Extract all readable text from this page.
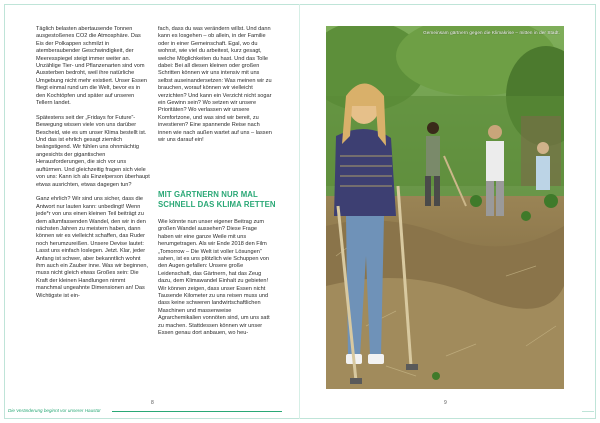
Täglich belasten abertausende Tonnen ausgestoßenes CO2 die Atmosphäre. Das Eis der Polkappen schmilzt in atemberaubender Geschwindigkeit, der Meeresspiegel steigt immer weiter an. Unzählige Tier- und Pflanzenarten sind vom Aussterben bedroht, weil ihre natürliche Umgebung nicht mehr existiert. Unser Essen fliegt einmal rund um die Welt, bevor es in den Kochtöpfen und später auf unseren Tellern landet.

Spätestens seit der „Fridays for Future“-Bewegung wissen viele von uns darüber Bescheid, wie es um unser Klima bestellt ist. Und das ist ehrlich gesagt ziemlich beängstigend. Wir fühlen uns ohnmächtig angesichts der gigantischen Herausforderungen, die sich vor uns auftürmen. Und gleichzeitig fragen sich viele von uns: Kann ich als Einzelperson überhaupt etwas ausrichten, etwas dagegen tun?

Ganz ehrlich? Wir sind uns sicher, dass die Antwort nur lauten kann: unbedingt! Wenn jede*r von uns einen kleinen Teil beiträgt zu dem allumfassenden Wandel, den wir in den nächsten Jahren zu meistern haben, dann können wir es vielleicht schaffen, das Ruder noch herumzureißen. Unsere Devise lautet: Lasst uns einfach loslegen. Jetzt. Klar, jeder Anfang ist schwer, aber bekanntlich wohnt ihm auch ein Zauber inne. Was wir beginnen, muss nicht gleich etwas Großes sein: Die Kraft der kleinen Handlungen nimmt manchmal ungeahnte Dimensionen an! Das Wichtigste ist ein-

fach, dass du was verändern willst. Und dann kann es losgehen – ob allein, in der Familie oder in einer Gemeinschaft. Egal, wo du wohnst, wie viel du arbeitest, kurz gesagt, welche Möglichkeiten du hast. Und das Tolle dabei: Bei all diesen kleinen oder großen Schritten können wir uns intensiv mit uns selbst auseinandersetzen: Was meinen wir zu brauchen, worauf können wir vielleicht verzichten? Und kann ein Verzicht nicht sogar ein Gewinn sein? Wo setzen wir unsere Prioritäten? Wo verlassen wir unsere Komfortzone, und was sind wir bereit, zu investieren? Eine spannende Reise nach innen wie nach außen wartet auf uns – lassen wir uns darauf ein!

MIT GÄRTNERN NUR MAL SCHNELL DAS KLIMA RETTEN

Wie könnte nun unser eigener Beitrag zum großen Wandel aussehen? Diese Frage haben wir eine ganze Weile mit uns herumgetragen. Als wir Ende 2018 den Film „Tomorrow – Die Welt ist voller Lösungen“ sahen, ist es uns plötzlich wie Schuppen von den Augen gefallen: Unsere große Leidenschaft, das Gärtnern, hat das Zeug dazu, dem Klimawandel Einhalt zu gebieten! Wir können zeigen, dass unser Essen nicht Tausende Kilometer zu uns reisen muss und dass keine schweren landwirtschaftlichen Maschinen und massenweise Agrarchemikalien vonnöten sind, um uns satt zu machen. Stattdessen können wir unser Essen genau dort anbauen, wo heu-

Gemeinsam gärtnern gegen die Klimakrise – mitten in der Stadt.
8	9
Die Veränderung beginnt vor unserer Haustür
